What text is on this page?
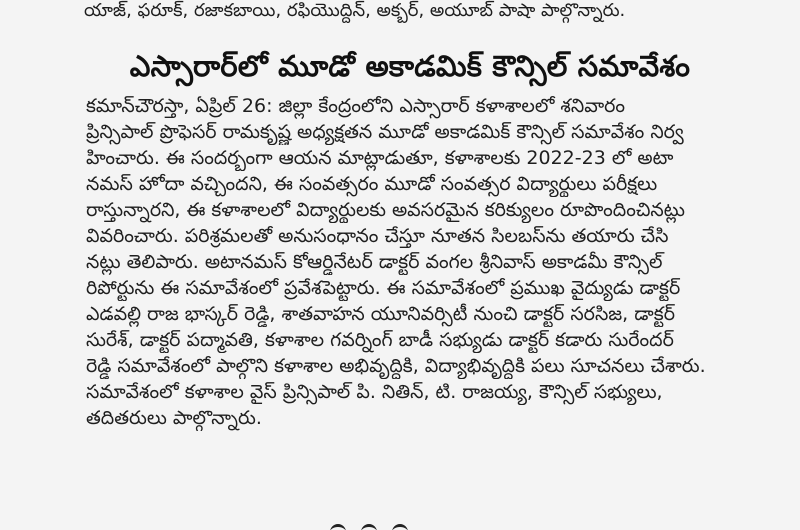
యాజ్, ఫరూక్, రజాకబాయి, రఫియొద్దిన్, అక్బర్, అయూబ్ పాషా పాల్గొన్నారు.
ఎస్సారార్‌లో మూడో అకాడమిక్ కౌన్సిల్ సమావేశం
కమాన్‌చౌరస్తా, ఏప్రిల్ 26: జిల్లా కేంద్రంలోని ఎస్సారార్ కళాశాలలో శనివారం
ప్రిన్సిపాల్ ప్రొఫెసర్ రామకృష్ణ అధ్యక్షతన మూడో అకాడమిక్ కౌన్సిల్ సమావేశం నిర్వ
హించారు. ఈ సందర్భంగా ఆయన మాట్లాడుతూ, కళాశాలకు 2022-23 లో అటా
నమస్ హోదా వచ్చిందని, ఈ సంవత్సరం మూడో సంవత్సర విద్యార్థులు పరీక్షలు
రాస్తున్నారని, ఈ కళాశాలలో విద్యార్థులకు అవసరమైన కరిక్యులం రూపొందించినట్లు
వివరించారు. పరిశ్రమలతో అనుసంధానం చేస్తూ నూతన సిలబస్‌ను తయారు చేసి
నట్లు తెలిపారు. అటానమస్ కోఆర్డినేటర్ డాక్టర్ వంగల శ్రీనివాస్ అకాడమీ కౌన్సిల్
రిపోర్టును ఈ సమావేశంలో ప్రవేశపెట్టారు. ఈ సమావేశంలో ప్రముఖ వైద్యుడు డాక్టర్
ఎడవల్లి రాజ భాస్కర్ రెడ్డి, శాతవాహన యూనివర్సిటీ నుంచి డాక్టర్ సరసిజ, డాక్టర్
సురేశ్, డాక్టర్ పద్మావతి, కళాశాల గవర్నింగ్ బాడీ సభ్యుడు డాక్టర్ కడారు సురేందర్
రెడ్డి సమావేశంలో పాల్గొని కళాశాల అభివృద్ధికి, విద్యాభివృద్ధికి పలు సూచనలు చేశారు.
సమావేశంలో కళాశాల వైస్ ప్రిన్సిపాల్ పి. నితిన్, టి. రాజయ్య, కౌన్సిల్ సభ్యులు,
తదితరులు పాల్గొన్నారు.
